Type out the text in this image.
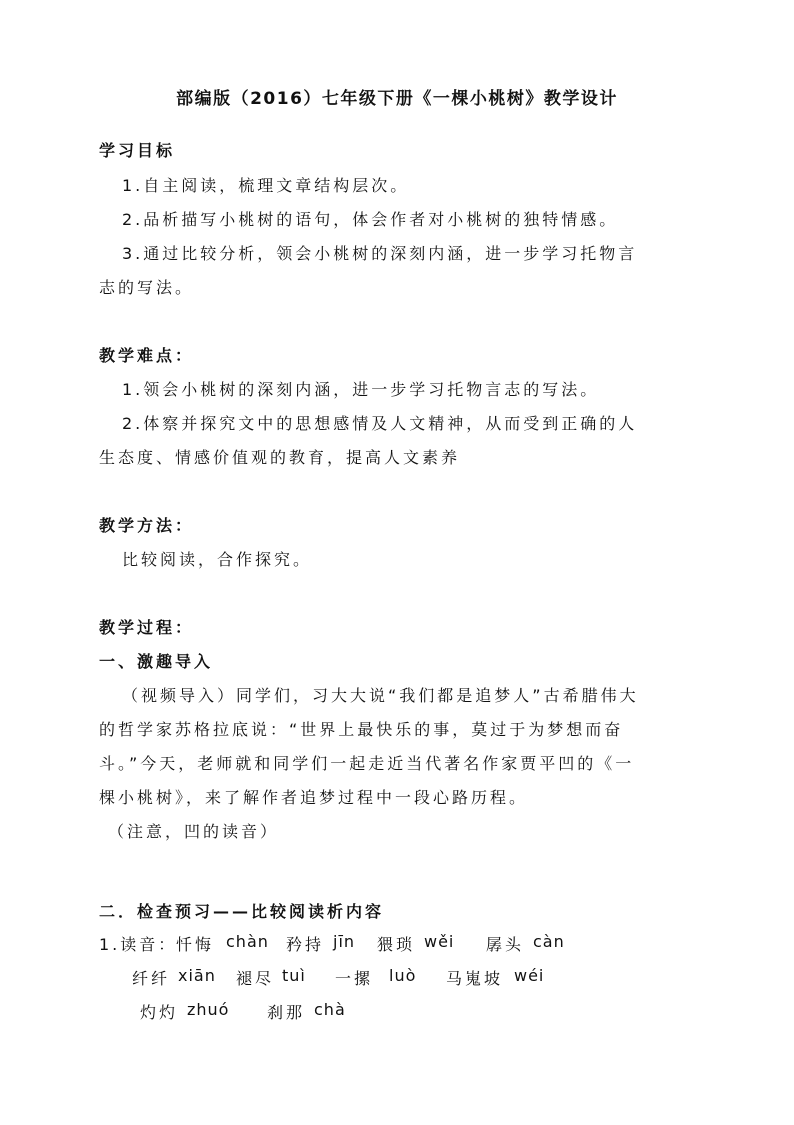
部编版（2016）七年级下册《一棵小桃树》教学设计
学习目标
1.自主阅读，梳理文章结构层次。
2.品析描写小桃树的语句，体会作者对小桃树的独特情感。
3.通过比较分析，领会小桃树的深刻内涵，进一步学习托物言
志的写法。
教学难点：
1.领会小桃树的深刻内涵，进一步学习托物言志的写法。
2.体察并探究文中的思想感情及人文精神，从而受到正确的人
生态度、情感价值观的教育，提高人文素养
教学方法：
比较阅读，合作探究。
教学过程：
一、激趣导入
（视频导入）同学们，习大大说“我们都是追梦人”古希腊伟大
的哲学家苏格拉底说：“世界上最快乐的事，莫过于为梦想而奋
斗。”今天，老师就和同学们一起走近当代著名作家贾平凹的《一
棵小桃树》，来了解作者追梦过程中一段心路历程。
（注意，凹的读音）
二．检查预习——比较阅读析内容
1.读音：
忏悔 chàn 矜持 jīn 猥琐 wěi 孱头 càn
纤纤 xiān 褪尽 tuì 一摞 luò 马嵬坡 wéi
灼灼 zhuó 刹那 chà
